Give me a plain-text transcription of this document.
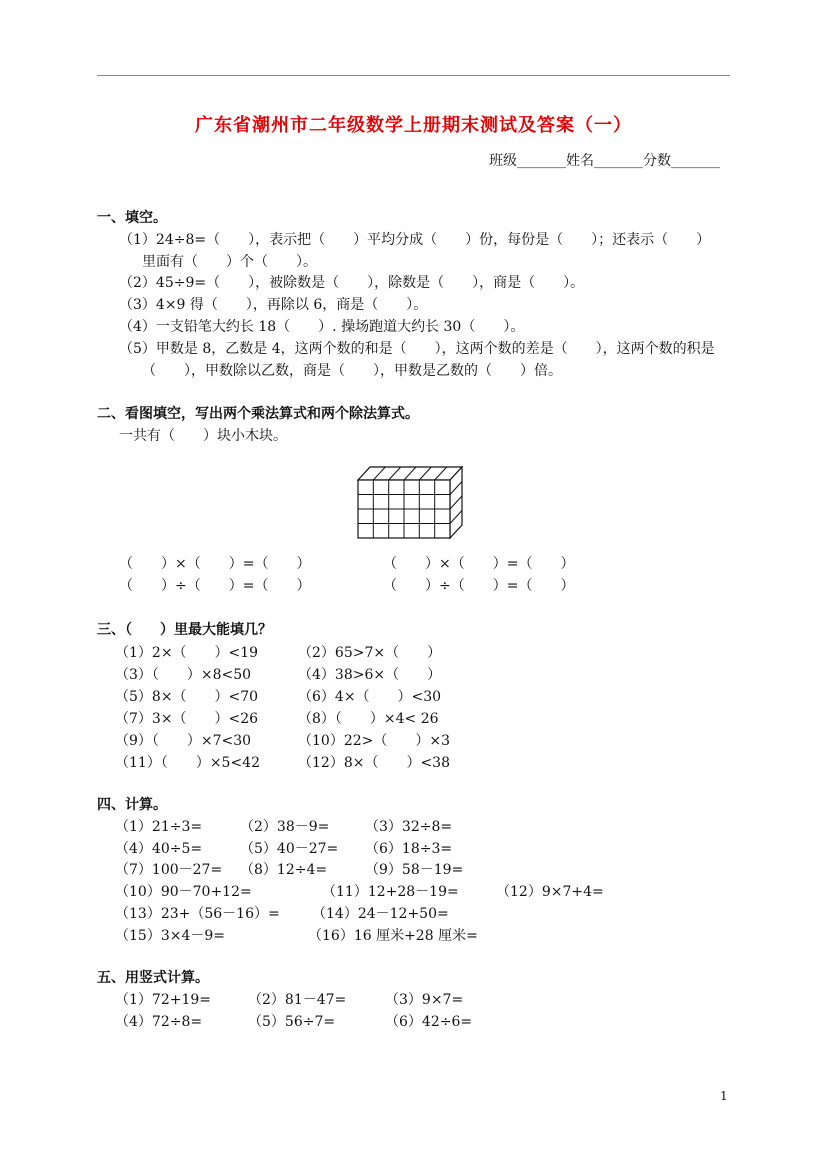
广东省潮州市二年级数学上册期末测试及答案（一）
班级_______姓名_______分数_______
一、填空。
（1）24÷8=（　　），表示把（　　）平均分成（　　）份，每份是（　　）；还表示（　　）
里面有（　　）个（　　）。
（2）45÷9=（　　），被除数是（　　），除数是（　　），商是（　　）。
（3）4×9 得（　　），再除以 6，商是（　　）。
（4）一支铅笔大约长 18（　　）. 操场跑道大约长 30（　　）。
（5）甲数是 8，乙数是 4，这两个数的和是（　　），这两个数的差是（　　），这两个数的积是
（　　），甲数除以乙数，商是（　　），甲数是乙数的（　　）倍。
二、看图填空，写出两个乘法算式和两个除法算式。
一共有（　　）块小木块。
（　　）×（　　）=（　　）	（　　）×（　　）=（　　）
（　　）÷（　　）=（　　）	（　　）÷（　　）=（　　）
三、（　　）里最大能填几？
（1）2×（　　）<19	（2）65>7×（　　）
（3）（　　）×8<50	（4）38>6×（　　）
（5）8×（　　）<70	（6）4×（　　）<30
（7）3×（　　）<26	（8）（　　）×4< 26
（9）（　　）×7<30	（10）22>（　　）×3
（11）（　　）×5<42	（12）8×（　　）<38
四、计算。
（1）21÷3=	（2）38－9=	（3）32÷8=
（4）40÷5=	（5）40－27= （6）18÷3=
（7）100－27= （8）12÷4=	（9）58－19=
（10）90－70+12=	（11）12+28－19=	（12）9×7+4=
（13）23+（56－16）= （14）24－12+50=
（15）3×4－9=	（16）16 厘米+28 厘米=
五、用竖式计算。
（1）72+19=	（2）81－47=	（3）9×7=
（4）72÷8=	（5）56÷7=	（6）42÷6=
1
